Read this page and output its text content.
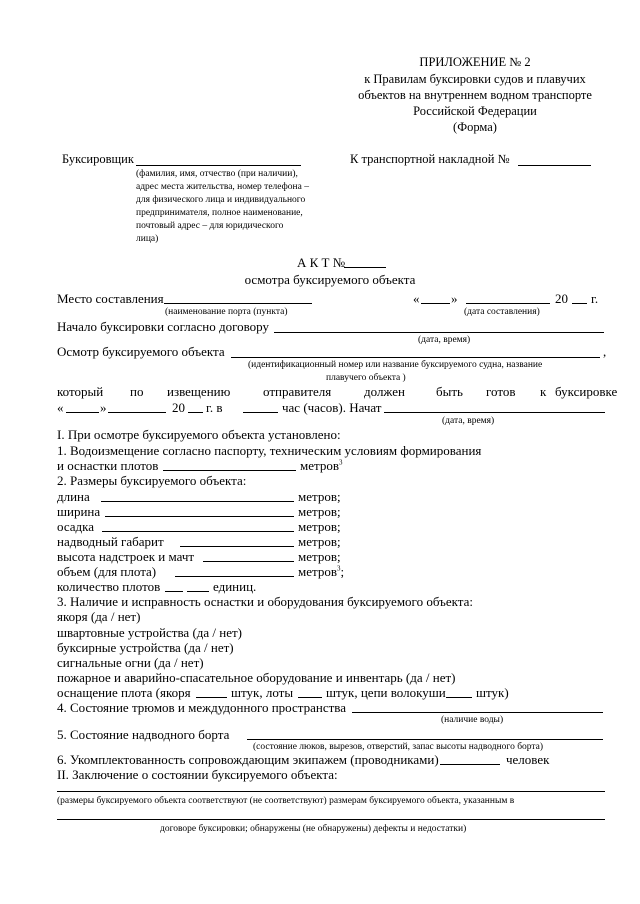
ПРИЛОЖЕНИЕ № 2
к Правилам буксировки судов и плавучих
объектов на внутреннем водном транспорте
Российской Федерации
(Форма)
Буксировщик
(фамилия, имя, отчество (при наличии),
адрес места жительства, номер телефона –
для физического лица и индивидуального
предпринимателя, полное наименование,
почтовый адрес – для юридического
лица)
К транспортной накладной №
А К Т №
осмотра буксируемого объекта
Место составления
(наименование порта (пункта)
« »	20 г.
(дата составления)
Начало буксировки согласно договору
(дата, время)
Осмотр буксируемого объекта	,
(идентификационный номер или название буксируемого судна, название
плавучего объекта )
который по извещению	отправителя	должен быть готов к буксировке
«	»	20 г. в	час (часов). Начат
(дата, время)
I. При осмотре буксируемого объекта установлено:
1. Водоизмещение согласно паспорту, техническим условиям формирования
и оснастки плотов	метров$^3$
2. Размеры буксируемого объекта:
длина	метров;
ширина	метров;
осадка	метров;
надводный габарит	метров;
высота надстроек и мачт	метров;
объем (для плота)	метров$^3$;
количество плотов	единиц.
3. Наличие и исправность оснастки и оборудования буксируемого объекта:
якоря (да / нет)
швартовные устройства (да / нет)
буксирные устройства (да / нет)
сигнальные огни (да / нет)
пожарное и аварийно-спасательное оборудование и инвентарь (да / нет)
оснащение плота (якоря	штук, лоты	штук, цепи волокуши штук)
4. Состояние трюмов и междудонного пространства
(наличие воды)
5. Состояние надводного борта
(состояние люков, вырезов, отверстий, запас высоты надводного борта)
6. Укомплектованность сопровождающим экипажем (проводниками)	человек
II. Заключение о состоянии буксируемого объекта:
(размеры буксируемого объекта соответствуют (не соответствуют) размерам буксируемого объекта, указанным в
договоре буксировки; обнаружены (не обнаружены) дефекты и недостатки)
